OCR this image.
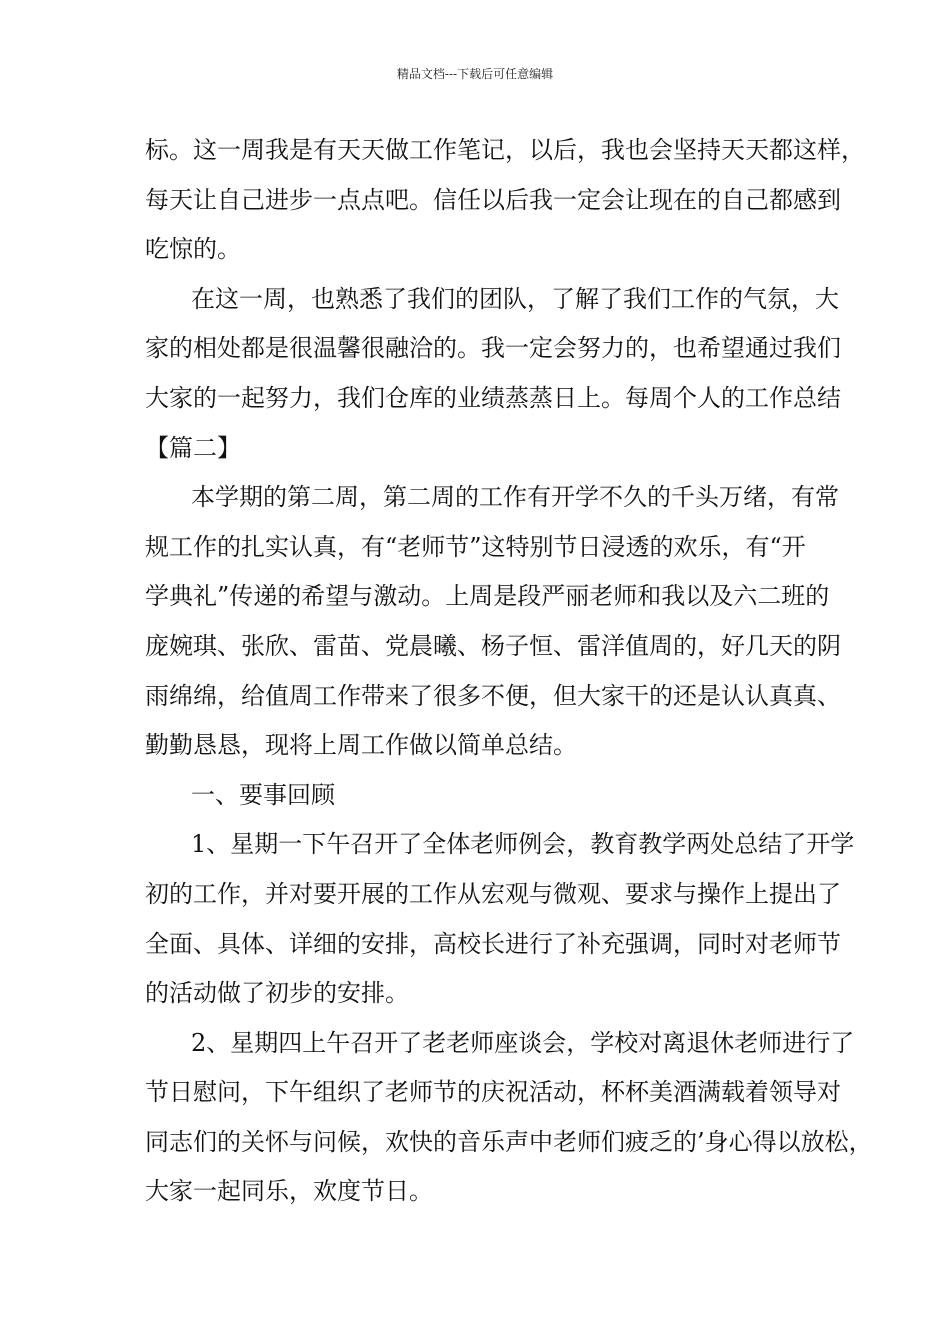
精品文档---下载后可任意编辑
标。这一周我是有天天做工作笔记，以后，我也会坚持天天都这样，
每天让自己进步一点点吧。信任以后我一定会让现在的自己都感到
吃惊的。
在这一周，也熟悉了我们的团队，了解了我们工作的气氛，大
家的相处都是很温馨很融洽的。我一定会努力的，也希望通过我们
大家的一起努力，我们仓库的业绩蒸蒸日上。每周个人的工作总结
【篇二】
本学期的第二周，第二周的工作有开学不久的千头万绪，有常
规工作的扎实认真，有“老师节”这特别节日浸透的欢乐，有“开
学典礼”传递的希望与激动。上周是段严丽老师和我以及六二班的
庞婉琪、张欣、雷苗、党晨曦、杨子恒、雷洋值周的，好几天的阴
雨绵绵，给值周工作带来了很多不便，但大家干的还是认认真真、
勤勤恳恳，现将上周工作做以简单总结。
一、要事回顾
1、星期一下午召开了全体老师例会，教育教学两处总结了开学
初的工作，并对要开展的工作从宏观与微观、要求与操作上提出了
全面、具体、详细的安排，高校长进行了补充强调，同时对老师节
的活动做了初步的安排。
2、星期四上午召开了老老师座谈会，学校对离退休老师进行了
节日慰问，下午组织了老师节的庆祝活动，杯杯美酒满载着领导对
同志们的关怀与问候，欢快的音乐声中老师们疲乏的’身心得以放松，
大家一起同乐，欢度节日。
